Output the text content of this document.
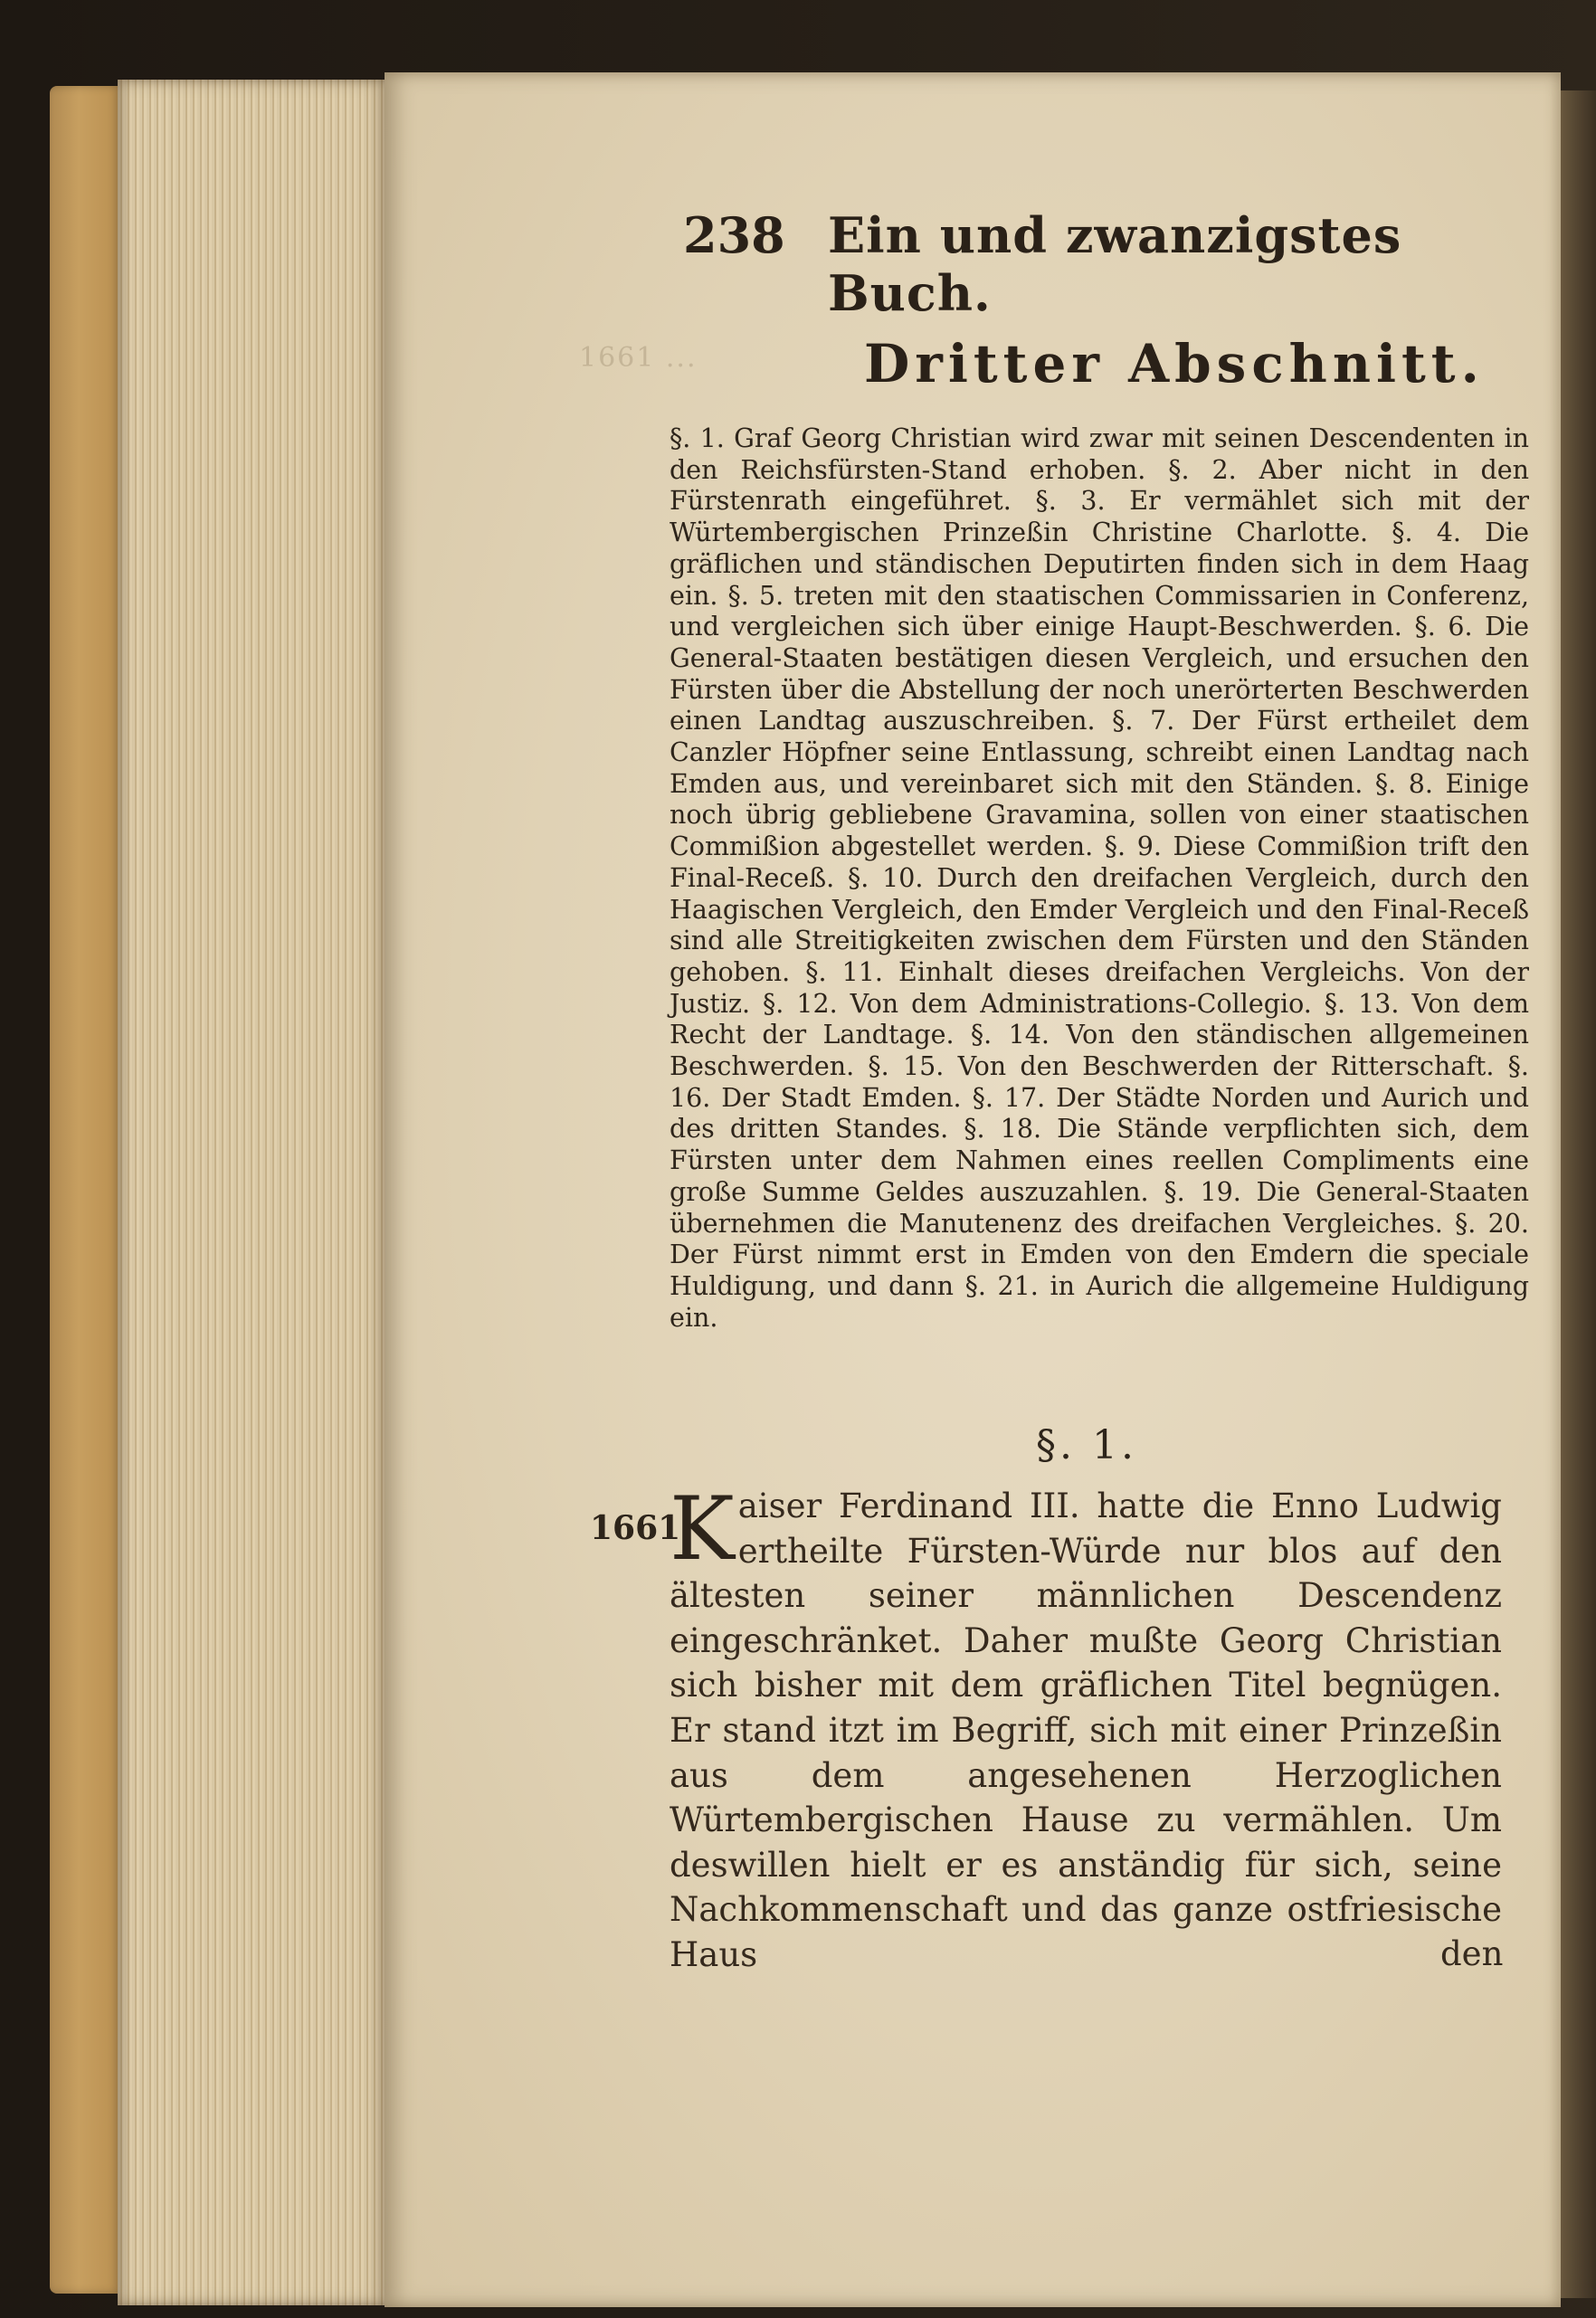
1661 ...
238 Ein und zwanzigstes Buch.
Dritter Abschnitt.
§. 1. Graf Georg Christian wird zwar mit seinen Descendenten in den Reichsfürsten-Stand erhoben. §. 2. Aber nicht in den Fürstenrath eingeführet. §. 3. Er vermählet sich mit der Würtembergischen Prinzeßin Christine Charlotte. §. 4. Die gräflichen und ständischen Deputirten finden sich in dem Haag ein. §. 5. treten mit den staatischen Commissarien in Conferenz, und vergleichen sich über einige Haupt-Beschwerden. §. 6. Die General-Staaten bestätigen diesen Vergleich, und ersuchen den Fürsten über die Abstellung der noch unerörterten Beschwerden einen Landtag auszuschreiben. §. 7. Der Fürst ertheilet dem Canzler Höpfner seine Entlassung, schreibt einen Landtag nach Emden aus, und vereinbaret sich mit den Ständen. §. 8. Einige noch übrig gebliebene Gravamina, sollen von einer staatischen Commißion abgestellet werden. §. 9. Diese Commißion trift den Final-Receß. §. 10. Durch den dreifachen Vergleich, durch den Haagischen Vergleich, den Emder Vergleich und den Final-Receß sind alle Streitigkeiten zwischen dem Fürsten und den Ständen gehoben. §. 11. Einhalt dieses dreifachen Vergleichs. Von der Justiz. §. 12. Von dem Administrations-Collegio. §. 13. Von dem Recht der Landtage. §. 14. Von den ständischen allgemeinen Beschwerden. §. 15. Von den Beschwerden der Ritterschaft. §. 16. Der Stadt Emden. §. 17. Der Städte Norden und Aurich und des dritten Standes. §. 18. Die Stände verpflichten sich, dem Fürsten unter dem Nahmen eines reellen Compliments eine große Summe Geldes auszuzahlen. §. 19. Die General-Staaten übernehmen die Manutenenz des dreifachen Vergleiches. §. 20. Der Fürst nimmt erst in Emden von den Emdern die speciale Huldigung, und dann §. 21. in Aurich die allgemeine Huldigung ein.
§. 1.
1661
K aiser Ferdinand III. hatte die Enno Ludwig ertheilte Fürsten-Würde nur blos auf den ältesten seiner männlichen Descendenz eingeschränket. Daher mußte Georg Christian sich bisher mit dem gräflichen Titel begnügen. Er stand itzt im Begriff, sich mit einer Prinzeßin aus dem angesehenen Herzoglichen Würtembergischen Hause zu vermählen. Um deswillen hielt er es anständig für sich, seine Nachkommenschaft und das ganze ostfriesische Haus	den
